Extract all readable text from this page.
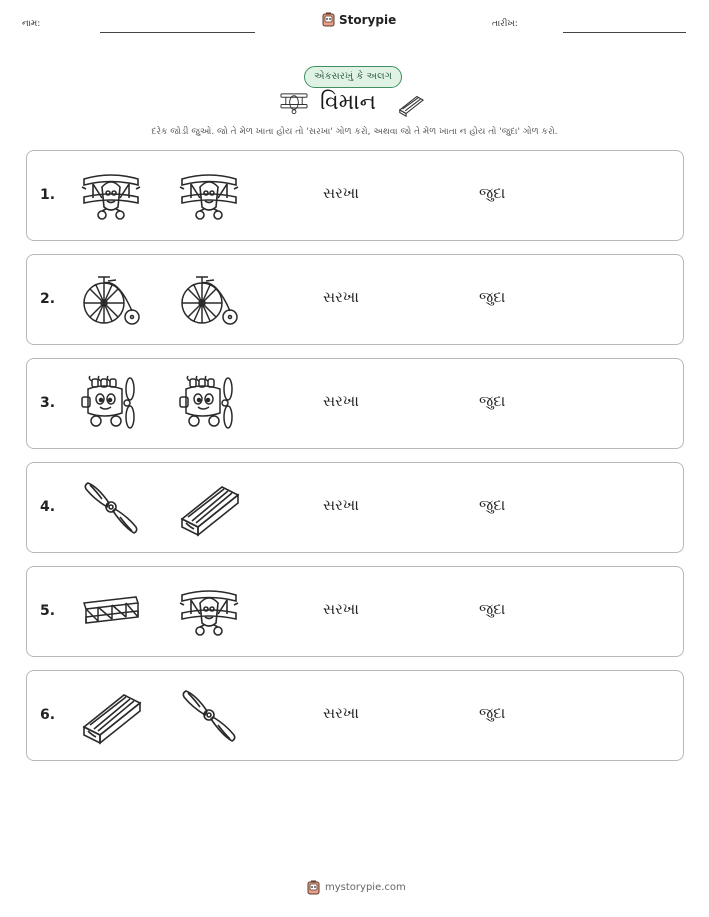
નામ:	Storypie	તારીખ:
એકસરખું કે અલગ
વિમાન
દરેક જોડી જુઓ. જો તે મેળ ખાતા હોય તો 'સરખા' ગોળ કરો, અથવા જો તે મેળ ખાતા ન હોય તો 'જુદા' ગોળ કરો.
1.	સરખા	જુદા
2.	સરખા	જુદા
3.	સરખા	જુદા
4.	સરખા	જુદા
5.	સરખા	જુદા
6.	સરખા	જુદા
mystorypie.com
